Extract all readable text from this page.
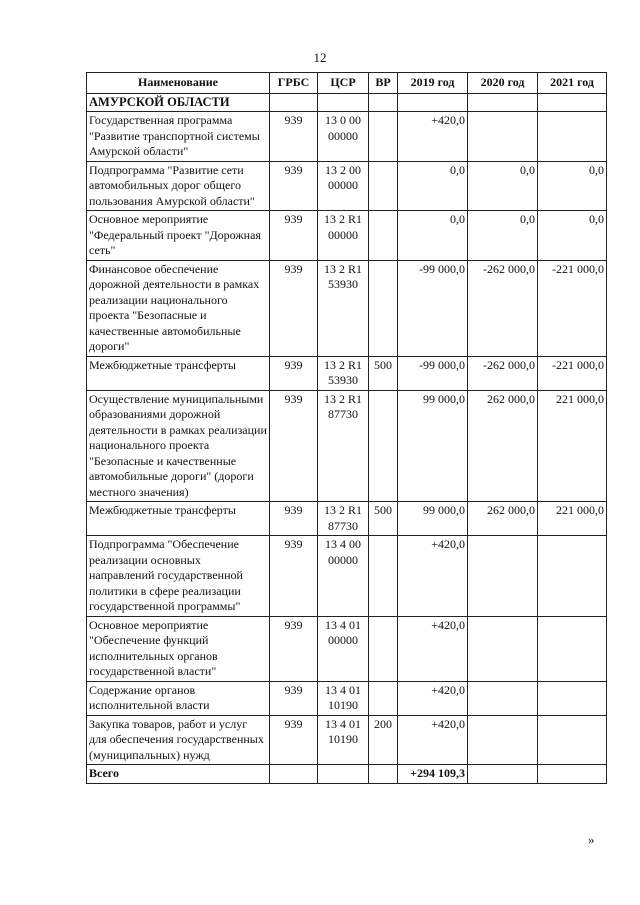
12
Наименование	ГРБС	ЦСР	ВР	2019 год	2020 год	2021 год
АМУРСКОЙ ОБЛАСТИ						
Государственная программа "Развитие транспортной системы Амурской области"	939	13 0 00 00000		+420,0		
Подпрограмма "Развитие сети автомобильных дорог общего пользования Амурской области"	939	13 2 00 00000		0,0	0,0	0,0
Основное мероприятие "Федеральный проект "Дорожная сеть"	939	13 2 R1 00000		0,0	0,0	0,0
Финансовое обеспечение дорожной деятельности в рамках реализации национального проекта "Безопасные и качественные автомобильные дороги"	939	13 2 R1 53930		-99 000,0	-262 000,0	-221 000,0
Межбюджетные трансферты	939	13 2 R1 53930	500	-99 000,0	-262 000,0	-221 000,0
Осуществление муниципальными образованиями дорожной деятельности в рамках реализации национального проекта "Безопасные и качественные автомобильные дороги" (дороги местного значения)	939	13 2 R1 87730		99 000,0	262 000,0	221 000,0
Межбюджетные трансферты	939	13 2 R1 87730	500	99 000,0	262 000,0	221 000,0
Подпрограмма "Обеспечение реализации основных направлений государственной политики в сфере реализации государственной программы"	939	13 4 00 00000		+420,0		
Основное мероприятие "Обеспечение функций исполнительных органов государственной власти"	939	13 4 01 00000		+420,0		
Содержание органов исполнительной власти	939	13 4 01 10190		+420,0		
Закупка товаров, работ и услуг для обеспечения государственных (муниципальных) нужд	939	13 4 01 10190	200	+420,0		
Всего				+294 109,3		
»
